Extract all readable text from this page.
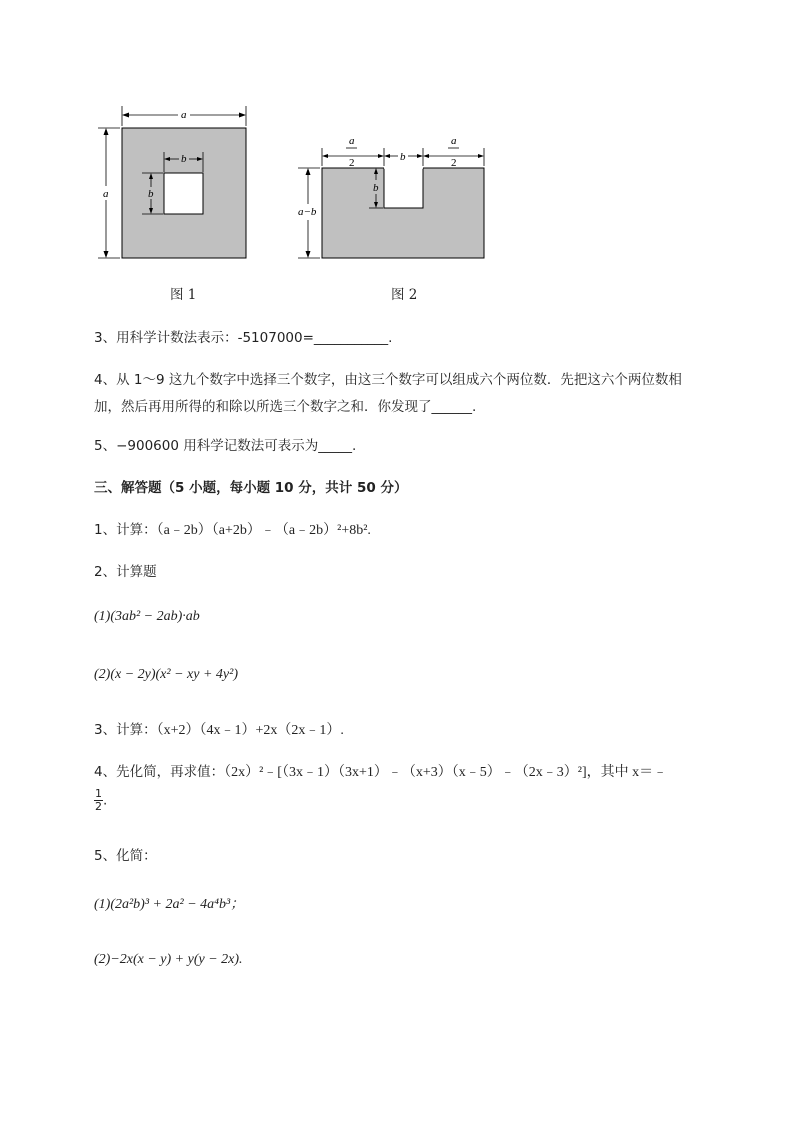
a
a
b
b
图 1
a
2	b
a
2
a−b
b
图 2
3、用科学计数法表示：-5107000=___________.
4、从 1～9 这九个数字中选择三个数字，由这三个数字可以组成六个两位数．先把这六个两位数相
加，然后再用所得的和除以所选三个数字之和．你发现了______.
5、−900600 用科学记数法可表示为_____.
三、解答题（5 小题，每小题 10 分，共计 50 分）
1、计算：（a﹣2b）（a+2b）﹣（a﹣2b）²+8b².
2、计算题
(1)(3ab² − 2ab)·ab
(2)(x − 2y)(x² − xy + 4y²)
3、计算：（x+2）（4x﹣1）+2x（2x﹣1）.
4、先化简，再求值：（2x）²﹣[（3x﹣1）（3x+1）﹣（x+3）（x﹣5）﹣（2x﹣3）²]，其中 x＝﹣
$\frac{1}{2}$ .
5、化简：
(1)(2a²b)³ + 2a² − 4a⁴b³；
(2)−2x(x − y) + y(y − 2x).
